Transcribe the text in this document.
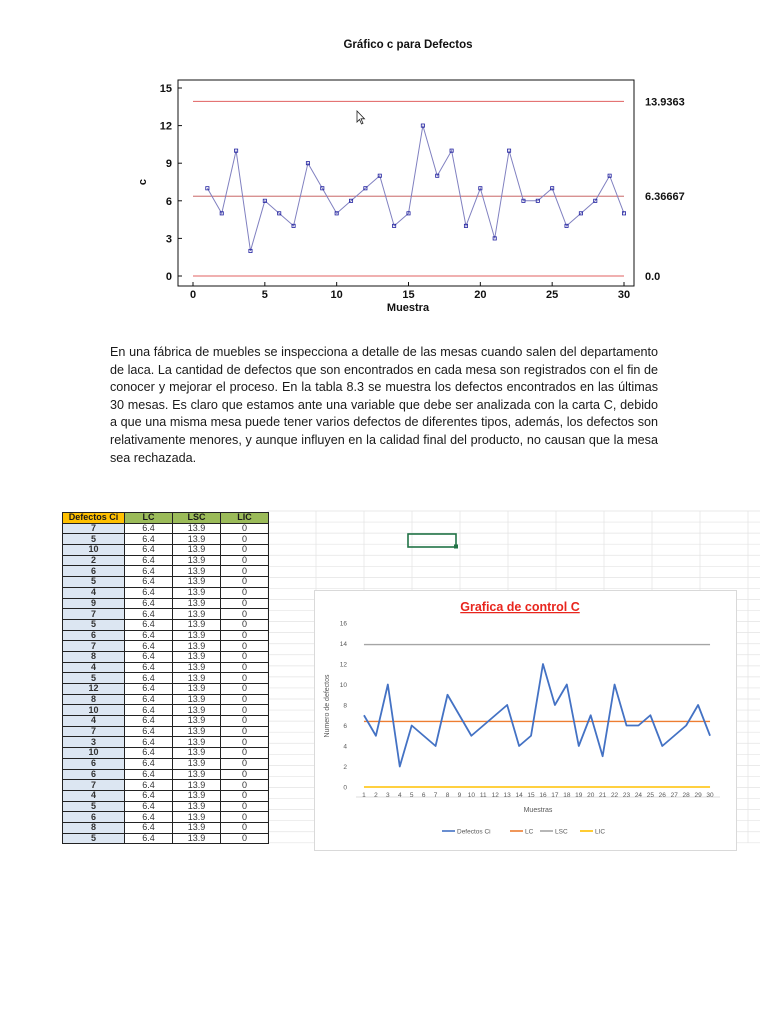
Gráfico c para Defectos
0
3
6
9
12
15
0	5	10	15	20	25	30
13.9363
6.36667
0.0
Muestra
c

En una fábrica de muebles se inspecciona a detalle de las mesas cuando salen del departamento de laca. La cantidad de defectos que son encontrados en cada mesa son registrados con el fin de conocer y mejorar el proceso. En la tabla 8.3 se muestra los defectos encontrados en las últimas 30 mesas. Es claro que estamos ante una variable que debe ser analizada con la carta C, debido a que una misma mesa puede tener varios defectos de diferentes tipos, además, los defectos son relativamente menores, y aunque influyen en la calidad final del producto, no causan que la mesa sea rechazada.

Defectos Ci	LC	LSC	LIC
7	6.4	13.9	0
5	6.4	13.9	0
10	6.4	13.9	0
2	6.4	13.9	0
6	6.4	13.9	0
5	6.4	13.9	0
4	6.4	13.9	0
9	6.4	13.9	0
7	6.4	13.9	0
5	6.4	13.9	0
6	6.4	13.9	0
7	6.4	13.9	0
8	6.4	13.9	0
4	6.4	13.9	0
5	6.4	13.9	0
12	6.4	13.9	0
8	6.4	13.9	0
10	6.4	13.9	0
4	6.4	13.9	0
7	6.4	13.9	0
3	6.4	13.9	0
10	6.4	13.9	0
6	6.4	13.9	0
6	6.4	13.9	0
7	6.4	13.9	0
4	6.4	13.9	0
5	6.4	13.9	0
6	6.4	13.9	0
8	6.4	13.9	0
5	6.4	13.9	0
Grafica de control C
0
2
4
6
8
10
12
14
16
1 2 3 4 5 6 7 8 9 10 11 12 13 14 15 16 17 18 19 20 21 22 23 24 25 26 27 28 29 30
Muestras
Numero de defectos
Defectos Ci	LC	LSC	LIC
